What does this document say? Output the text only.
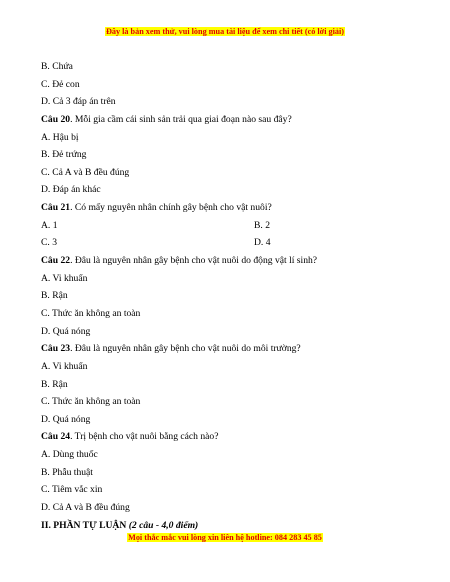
Đây là bản xem thử, vui lòng mua tài liệu để xem chi tiết (có lời giải)
B. Chứa
C. Đẻ con
D. Cả 3 đáp án trên
Câu 20. Mỗi gia cầm cái sinh sản trải qua giai đoạn nào sau đây?
A. Hậu bị
B. Đẻ trứng
C. Cả A và B đều đúng
D. Đáp án khác
Câu 21. Có mấy nguyên nhân chính gây bệnh cho vật nuôi?
A. 1	B. 2
C. 3	D. 4
Câu 22. Đâu là nguyên nhân gây bệnh cho vật nuôi do động vật lí sinh?
A. Vi khuẩn
B. Rận
C. Thức ăn không an toàn
D. Quá nóng
Câu 23. Đâu là nguyên nhân gây bệnh cho vật nuôi do môi trường?
A. Vi khuẩn
B. Rận
C. Thức ăn không an toàn
D. Quá nóng
Câu 24. Trị bệnh cho vật nuôi bằng cách nào?
A. Dùng thuốc
B. Phẫu thuật
C. Tiêm vắc xin
D. Cả A và B đều đúng
II. PHẦN TỰ LUẬN (2 câu - 4,0 điểm)
Mọi thắc mắc vui lòng xin liên hệ hotline: 084 283 45 85
